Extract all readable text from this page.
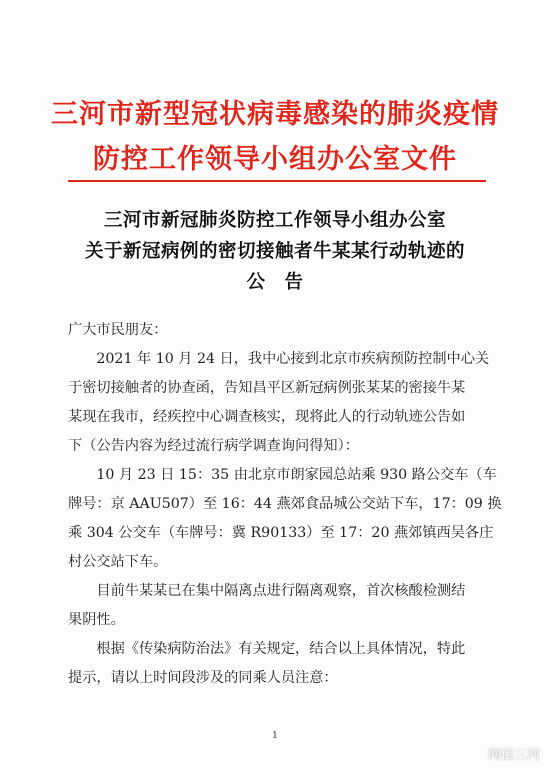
三河市新型冠状病毒感染的肺炎疫情
防控工作领导小组办公室文件
三河市新冠肺炎防控工作领导小组办公室
关于新冠病例的密切接触者牛某某行动轨迹的
公　告
广大市民朋友：
　　2021 年 10 月 24 日，我中心接到北京市疾病预防控制中心关
于密切接触者的协查函，告知昌平区新冠病例张某某的密接牛某
某现在我市，经疾控中心调查核实，现将此人的行动轨迹公告如
下（公告内容为经过流行病学调查询问得知）：
　　10 月 23 日 15：35 由北京市朗家园总站乘 930 路公交车（车
牌号：京 AAU507）至 16：44 燕郊食品城公交站下车，17：09 换
乘 304 公交车（车牌号：冀 R90133）至 17：20 燕郊镇西吴各庄
村公交站下车。
　　目前牛某某已在集中隔离点进行隔离观察，首次核酸检测结
果阴性。
　　根据《传染病防治法》有关规定，结合以上具体情况，特此
提示，请以上时间段涉及的同乘人员注意：
1
网信三河
